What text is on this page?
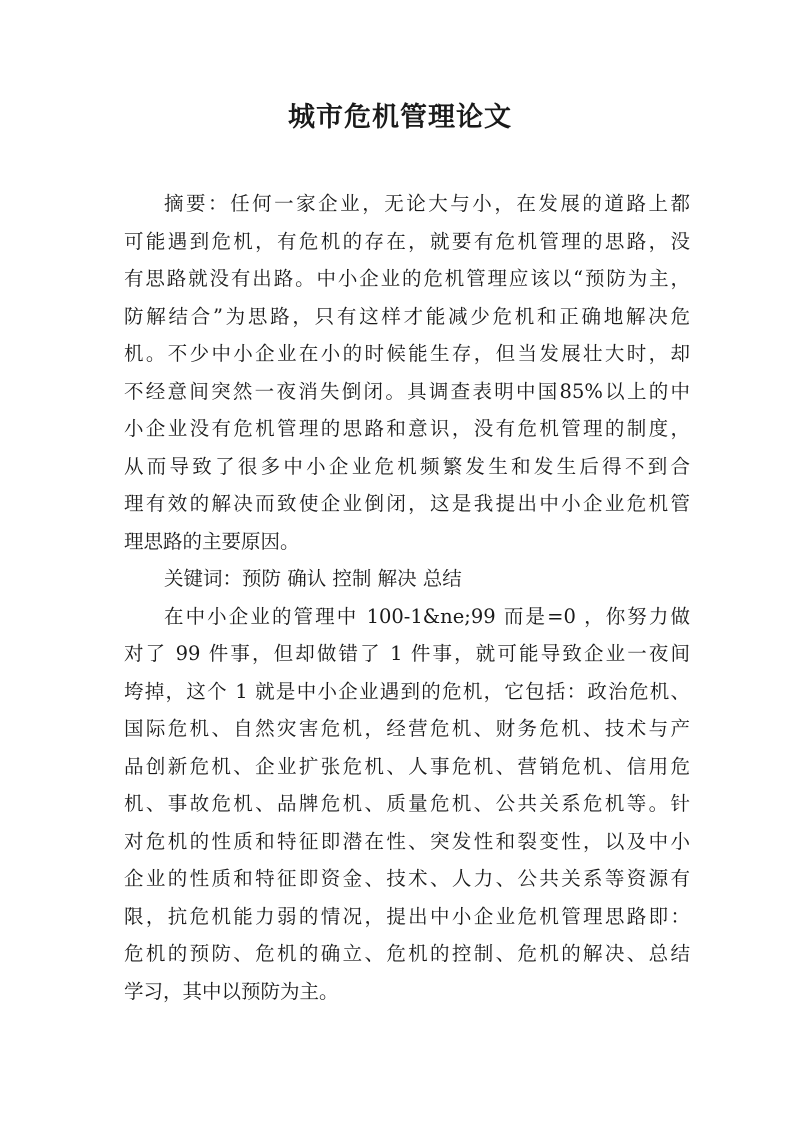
城市危机管理论文
摘要：任何一家企业，无论大与小，在发展的道路上都
可能遇到危机，有危机的存在，就要有危机管理的思路，没
有思路就没有出路。中小企业的危机管理应该以“预防为主，
防解结合”为思路，只有这样才能减少危机和正确地解决危
机。不少中小企业在小的时候能生存，但当发展壮大时，却
不经意间突然一夜消失倒闭。具调查表明中国85%以上的中
小企业没有危机管理的思路和意识，没有危机管理的制度，
从而导致了很多中小企业危机频繁发生和发生后得不到合
理有效的解决而致使企业倒闭，这是我提出中小企业危机管
理思路的主要原因。
关键词：预防 确认 控制 解决 总结
在中小企业的管理中 100-1&ne;99 而是=0 ，你努力做
对了 99 件事，但却做错了 1 件事，就可能导致企业一夜间
垮掉，这个 1 就是中小企业遇到的危机，它包括：政治危机、
国际危机、自然灾害危机，经营危机、财务危机、技术与产
品创新危机、企业扩张危机、人事危机、营销危机、信用危
机、事故危机、品牌危机、质量危机、公共关系危机等。针
对危机的性质和特征即潜在性、突发性和裂变性，以及中小
企业的性质和特征即资金、技术、人力、公共关系等资源有
限，抗危机能力弱的情况，提出中小企业危机管理思路即：
危机的预防、危机的确立、危机的控制、危机的解决、总结
学习，其中以预防为主。
